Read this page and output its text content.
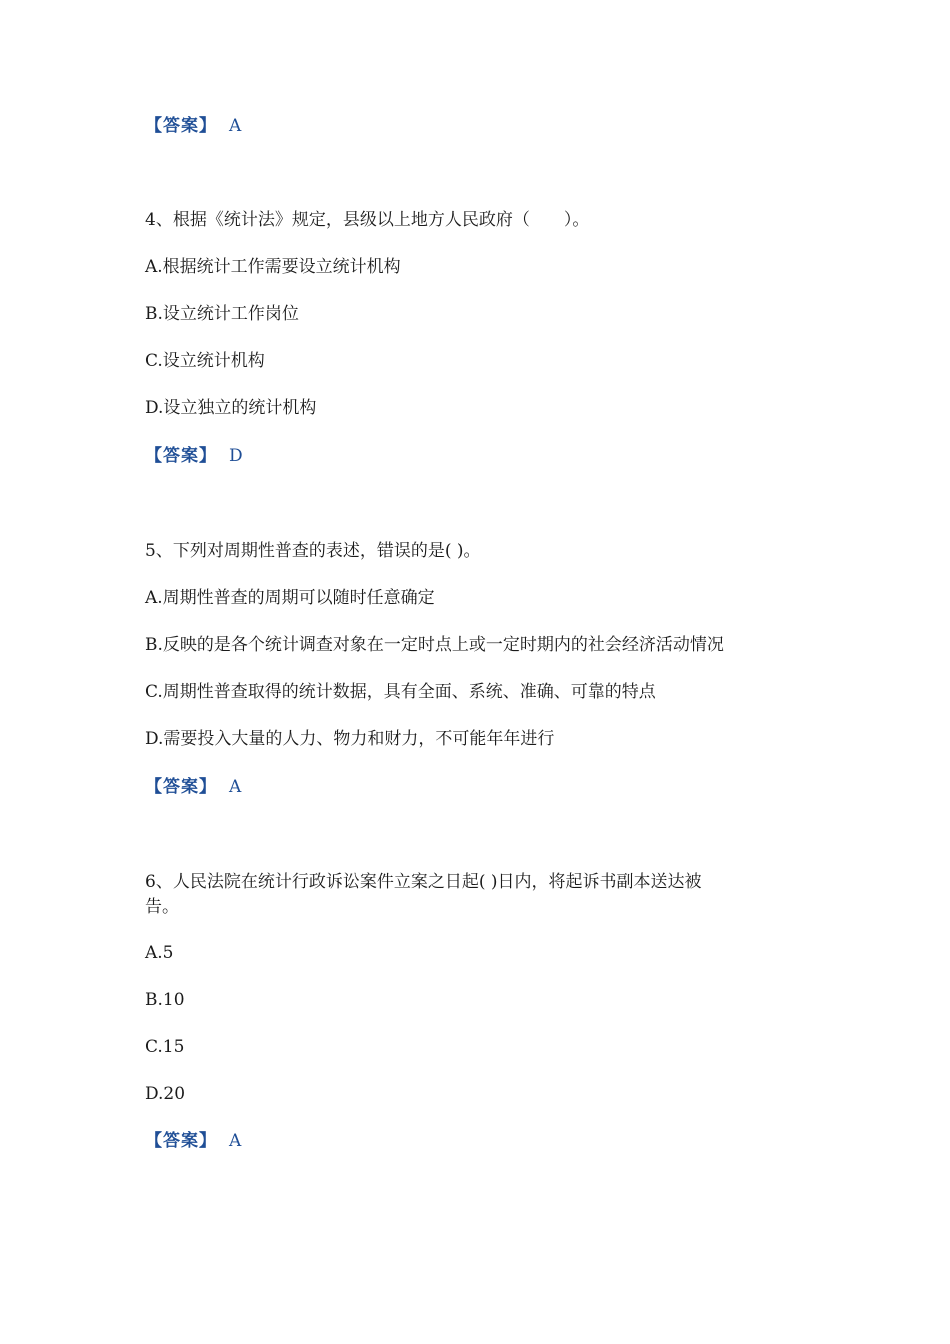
【答案】 A
4、根据《统计法》规定，县级以上地方人民政府（　　）。
A.根据统计工作需要设立统计机构
B.设立统计工作岗位
C.设立统计机构
D.设立独立的统计机构
【答案】 D
5、下列对周期性普查的表述，错误的是( )。
A.周期性普查的周期可以随时任意确定
B.反映的是各个统计调查对象在一定时点上或一定时期内的社会经济活动情况
C.周期性普查取得的统计数据，具有全面、系统、准确、可靠的特点
D.需要投入大量的人力、物力和财力，不可能年年进行
【答案】 A
6、人民法院在统计行政诉讼案件立案之日起( )日内，将起诉书副本送达被
告。
A.5
B.10
C.15
D.20
【答案】 A
